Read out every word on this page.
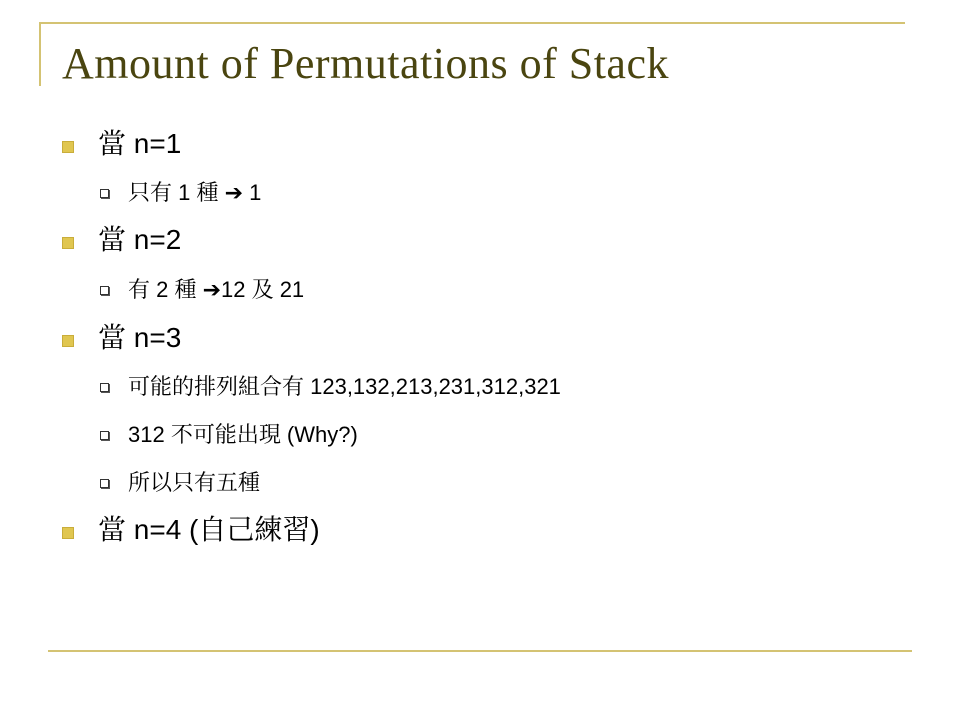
Amount of Permutations of Stack
當 n=1
只有 1 種 ➔ 1
當 n=2
有 2 種 ➔12 及 21
當 n=3
可能的排列組合有 123,132,213,231,312,321
312 不可能出現 (Why?)
所以只有五種
當 n=4 (自己練習)
